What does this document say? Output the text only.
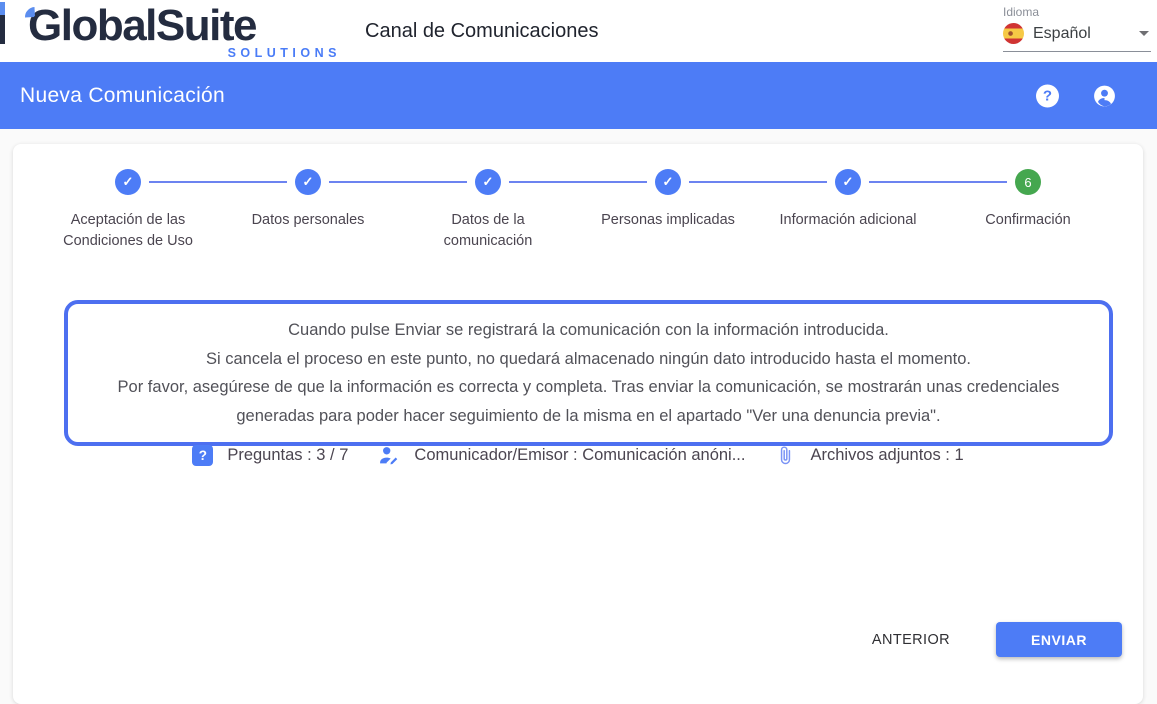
GlobalSuite
SOLUTIONS
Canal de Comunicaciones
Idioma
Español
Nueva Comunicación
?
✓
Aceptación de las Condiciones de Uso
✓
Datos personales
✓
Datos de la comunicación
✓
Personas implicadas
✓
Información adicional
6
Confirmación
Cuando pulse Enviar se registrará la comunicación con la información introducida.
Si cancela el proceso en este punto, no quedará almacenado ningún dato introducido hasta el momento.
Por favor, asegúrese de que la información es correcta y completa. Tras enviar la comunicación, se mostrarán unas credenciales generadas para poder hacer seguimiento de la misma en el apartado "Ver una denuncia previa".
?
Preguntas : 3 / 7	Comunicador/Emisor : Comunicación anóni...	Archivos adjuntos : 1
ANTERIOR	ENVIAR
